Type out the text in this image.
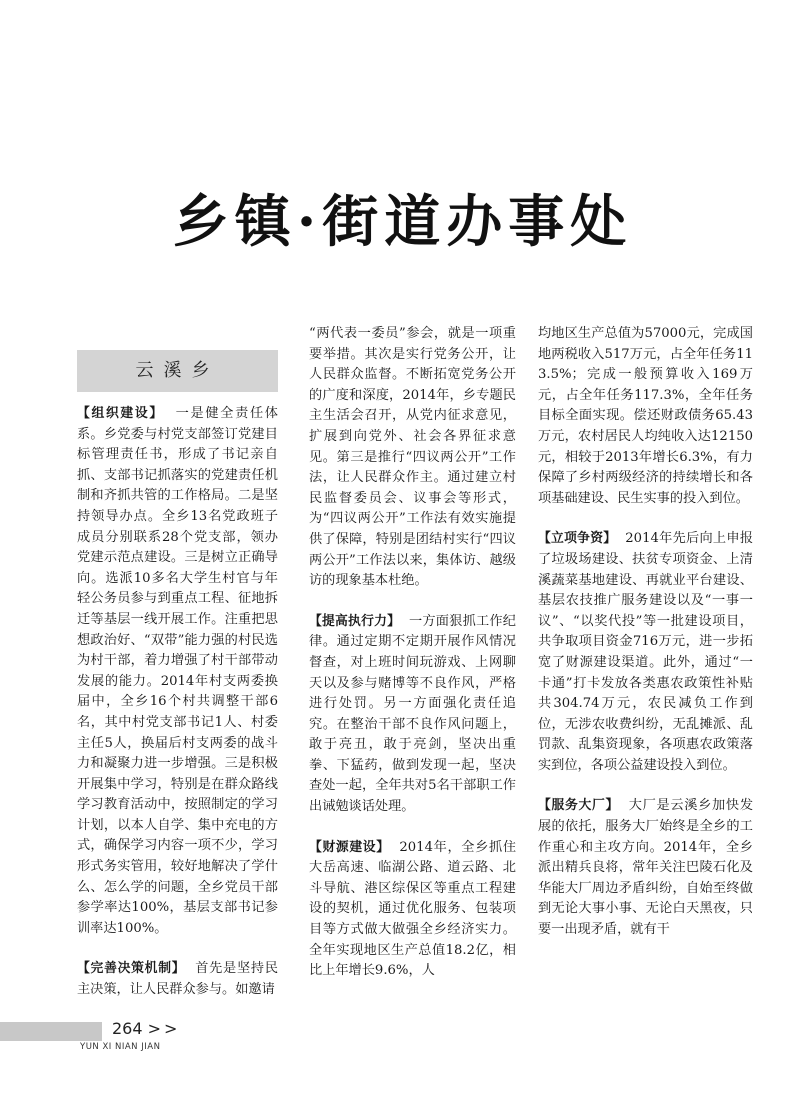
乡镇·街道办事处
云溪乡

【组织建设】 一是健全责任体系。乡党委与村党支部签订党建目标管理责任书，形成了书记亲自抓、支部书记抓落实的党建责任机制和齐抓共管的工作格局。二是坚持领导办点。全乡13名党政班子成员分别联系28个党支部，领办党建示范点建设。三是树立正确导向。选派10多名大学生村官与年轻公务员参与到重点工程、征地拆迁等基层一线开展工作。注重把思想政治好、“双带”能力强的村民选为村干部，着力增强了村干部带动发展的能力。2014年村支两委换届中，全乡16个村共调整干部6名，其中村党支部书记1人、村委主任5人，换届后村支两委的战斗力和凝聚力进一步增强。三是积极开展集中学习，特别是在群众路线学习教育活动中，按照制定的学习计划，以本人自学、集中充电的方式，确保学习内容一项不少，学习形式务实管用，较好地解决了学什么、怎么学的问题，全乡党员干部参学率达100%，基层支部书记参训率达100%。

【完善决策机制】 首先是坚持民主决策，让人民群众参与。如邀请

“两代表一委员”参会，就是一项重要举措。其次是实行党务公开，让人民群众监督。不断拓宽党务公开的广度和深度，2014年，乡专题民主生活会召开，从党内征求意见，扩展到向党外、社会各界征求意见。第三是推行“四议两公开”工作法，让人民群众作主。通过建立村民监督委员会、议事会等形式，为“四议两公开”工作法有效实施提供了保障，特别是团结村实行“四议两公开”工作法以来，集体访、越级访的现象基本杜绝。

【提高执行力】 一方面狠抓工作纪律。通过定期不定期开展作风情况督查，对上班时间玩游戏、上网聊天以及参与赌博等不良作风，严格进行处罚。另一方面强化责任追究。在整治干部不良作风问题上，敢于亮丑，敢于亮剑，坚决出重拳、下猛药，做到发现一起，坚决查处一起，全年共对5名干部职工作出诫勉谈话处理。

【财源建设】 2014年，全乡抓住大岳高速、临湖公路、道云路、北斗导航、港区综保区等重点工程建设的契机，通过优化服务、包装项目等方式做大做强全乡经济实力。全年实现地区生产总值18.2亿，相比上年增长9.6%，人

均地区生产总值为57000元，完成国地两税收入517万元，占全年任务113.5%；完成一般预算收入169万元，占全年任务117.3%，全年任务目标全面实现。偿还财政债务65.43万元，农村居民人均纯收入达12150元，相较于2013年增长6.3%，有力保障了乡村两级经济的持续增长和各项基础建设、民生实事的投入到位。

【立项争资】 2014年先后向上申报了垃圾场建设、扶贫专项资金、上清溪蔬菜基地建设、再就业平台建设、基层农技推广服务建设以及“一事一议”、“以奖代投”等一批建设项目，共争取项目资金716万元，进一步拓宽了财源建设渠道。此外，通过“一卡通”打卡发放各类惠农政策性补贴共304.74万元，农民减负工作到位，无涉农收费纠纷，无乱摊派、乱罚款、乱集资现象，各项惠农政策落实到位，各项公益建设投入到位。

【服务大厂】 大厂是云溪乡加快发展的依托，服务大厂始终是全乡的工作重心和主攻方向。2014年，全乡派出精兵良将，常年关注巴陵石化及华能大厂周边矛盾纠纷，自始至终做到无论大事小事、无论白天黑夜，只要一出现矛盾，就有干

264 >>
YUN XI NIAN JIAN
